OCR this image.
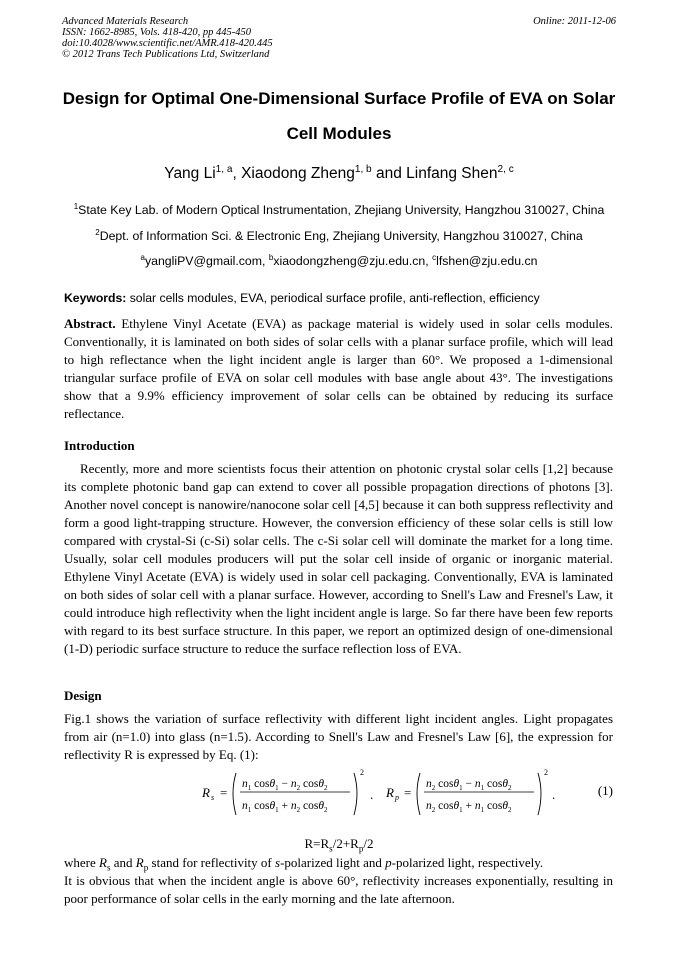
Advanced Materials Research
ISSN: 1662-8985, Vols. 418-420, pp 445-450
doi:10.4028/www.scientific.net/AMR.418-420.445
© 2012 Trans Tech Publications Ltd, Switzerland
Online: 2011-12-06
Design for Optimal One-Dimensional Surface Profile of EVA on Solar
Cell Modules
Yang Li$^{1, a}$, Xiaodong Zheng$^{1, b}$ and Linfang Shen$^{2, c}$
$^1$State Key Lab. of Modern Optical Instrumentation, Zhejiang University, Hangzhou 310027, China
$^2$Dept. of Information Sci. & Electronic Eng, Zhejiang University, Hangzhou 310027, China
$^a$yangliPV@gmail.com, $^b$xiaodongzheng@zju.edu.cn, $^c$lfshen@zju.edu.cn
Keywords: solar cells modules, EVA, periodical surface profile, anti-reflection, efficiency
Abstract. Ethylene Vinyl Acetate (EVA) as package material is widely used in solar cells modules. Conventionally, it is laminated on both sides of solar cells with a planar surface profile, which will lead to high reflectance when the light incident angle is larger than 60°. We proposed a 1-dimensional triangular surface profile of EVA on solar cell modules with base angle about 43°. The investigations show that a 9.9% efficiency improvement of solar cells can be obtained by reducing its surface reflectance.
Introduction
Recently, more and more scientists focus their attention on photonic crystal solar cells [1,2] because its complete photonic band gap can extend to cover all possible propagation directions of photons [3]. Another novel concept is nanowire/nanocone solar cell [4,5] because it can both suppress reflectivity and form a good light-trapping structure. However, the conversion efficiency of these solar cells is still low compared with crystal-Si (c-Si) solar cells. The c-Si solar cell will dominate the market for a long time. Usually, solar cell modules producers will put the solar cell inside of organic or inorganic material. Ethylene Vinyl Acetate (EVA) is widely used in solar cell packaging. Conventionally, EVA is laminated on both sides of solar cell with a planar surface. However, according to Snell's Law and Fresnel's Law, it could introduce high reflectivity when the light incident angle is large. So far there have been few reports with regard to its best surface structure. In this paper, we report an optimized design of one-dimensional (1-D) periodic surface structure to reduce the surface reflection loss of EVA.
Design
Fig.1 shows the variation of surface reflectivity with different light incident angles. Light propagates from air (n=1.0) into glass (n=1.5). According to Snell's Law and Fresnel's Law [6], the expression for reflectivity R is expressed by Eq. (1):
R s =
$n_1$ $\cos\theta_1 - n_2$ cosθ$_2$
$n_1$ $\cos\theta_1 + n_2$ cosθ$_2$
2
. R p =
$n_2$ $\cos\theta_1 - n_1$ cosθ$_2$
$n_2$ $\cos\theta_1 + n_1$ cosθ$_2$
2
.	(1)
$R=R_s/2+R_p/2$
where $R_s$ and $R_p$ stand for reflectivity of s-polarized light and p-polarized light, respectively.
It is obvious that when the incident angle is above 60°, reflectivity increases exponentially, resulting in poor performance of solar cells in the early morning and the late afternoon.
